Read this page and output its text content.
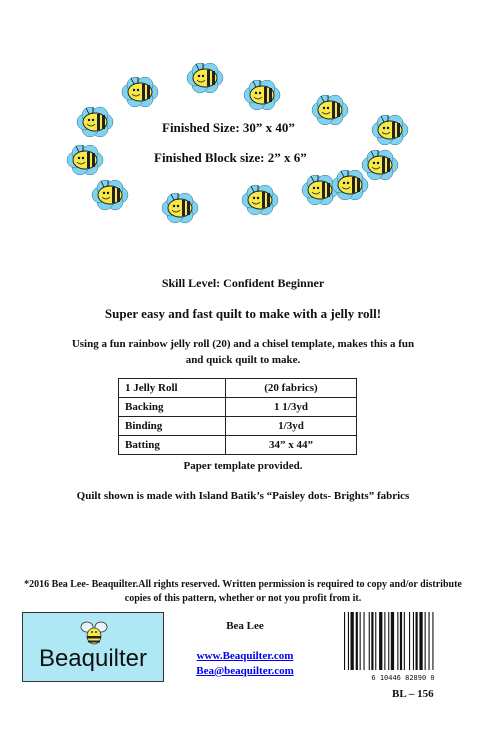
Finished Size: 30” x 40”
Finished Block size: 2” x 6”
Skill Level: Confident Beginner
Super easy and fast quilt to make with a jelly roll!
Using a fun rainbow jelly roll (20) and a chisel template, makes this a fun and quick quilt to make.
1 Jelly Roll	(20 fabrics)
Backing	1 1/3yd
Binding	1/3yd
Batting	34” x 44”
Paper template provided.
Quilt shown is made with Island Batik’s “Paisley dots- Brights” fabrics
*2016 Bea Lee- Beaquilter.All rights reserved. Written permission is required to copy and/or distribute copies of this pattern, whether or not you profit from it.
Beaquilter
Bea Lee
www.Beaquilter.com
Bea@beaquilter.com
6 10446 82890 0
BL – 156
